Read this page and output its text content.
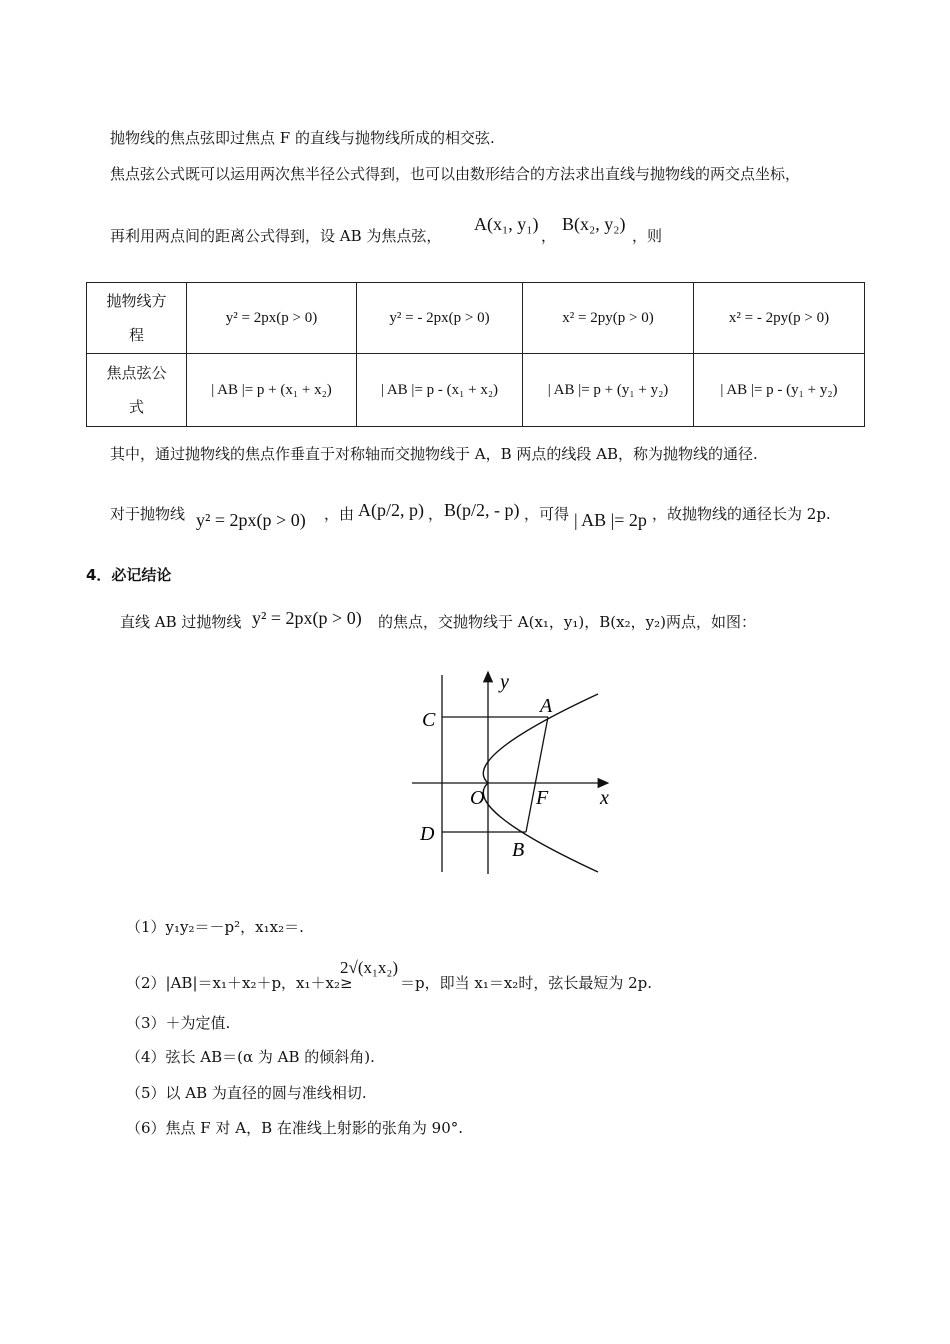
抛物线的焦点弦即过焦点 F 的直线与抛物线所成的相交弦.
焦点弦公式既可以运用两次焦半径公式得到，也可以由数形结合的方法求出直线与抛物线的两交点坐标，
再利用两点间的距离公式得到，设 AB 为焦点弦，
A(x₁, y₁)
，
B(x₂, y₂)
，则
抛物线方
程	y² = 2px(p > 0)	y² = - 2px(p > 0)	x² = 2py(p > 0)	x² = - 2py(p > 0)
焦点弦公
式	| AB |= p + (x₁ + x₂)	| AB |= p - (x₁ + x₂)	| AB |= p + (y₁ + y₂)	| AB |= p - (y₁ + y₂)
其中，通过抛物线的焦点作垂直于对称轴而交抛物线于 A，B 两点的线段 AB，称为抛物线的通径.
对于抛物线 y² = 2px(p > 0) ，由 A(p/2, p) ， B(p/2, - p) ，可得 | AB |= 2p ，故抛物线的通径长为 2p.
4．必记结论
直线 AB 过抛物线 y² = 2px(p > 0) 的焦点，交抛物线于 A(x₁，y₁)，B(x₂，y₂)两点，如图：
y
x
A
B
C
D
O	F
（1）y₁y₂＝－p²，x₁x₂＝.
（2）|AB|＝x₁＋x₂＋p，x₁＋x₂≥
2√(x₁x₂)
＝p，即当 x₁＝x₂时，弦长最短为 2p.
（3）＋为定值.
（4）弦长 AB＝(α 为 AB 的倾斜角).
（5）以 AB 为直径的圆与准线相切.
（6）焦点 F 对 A，B 在准线上射影的张角为 90°.
